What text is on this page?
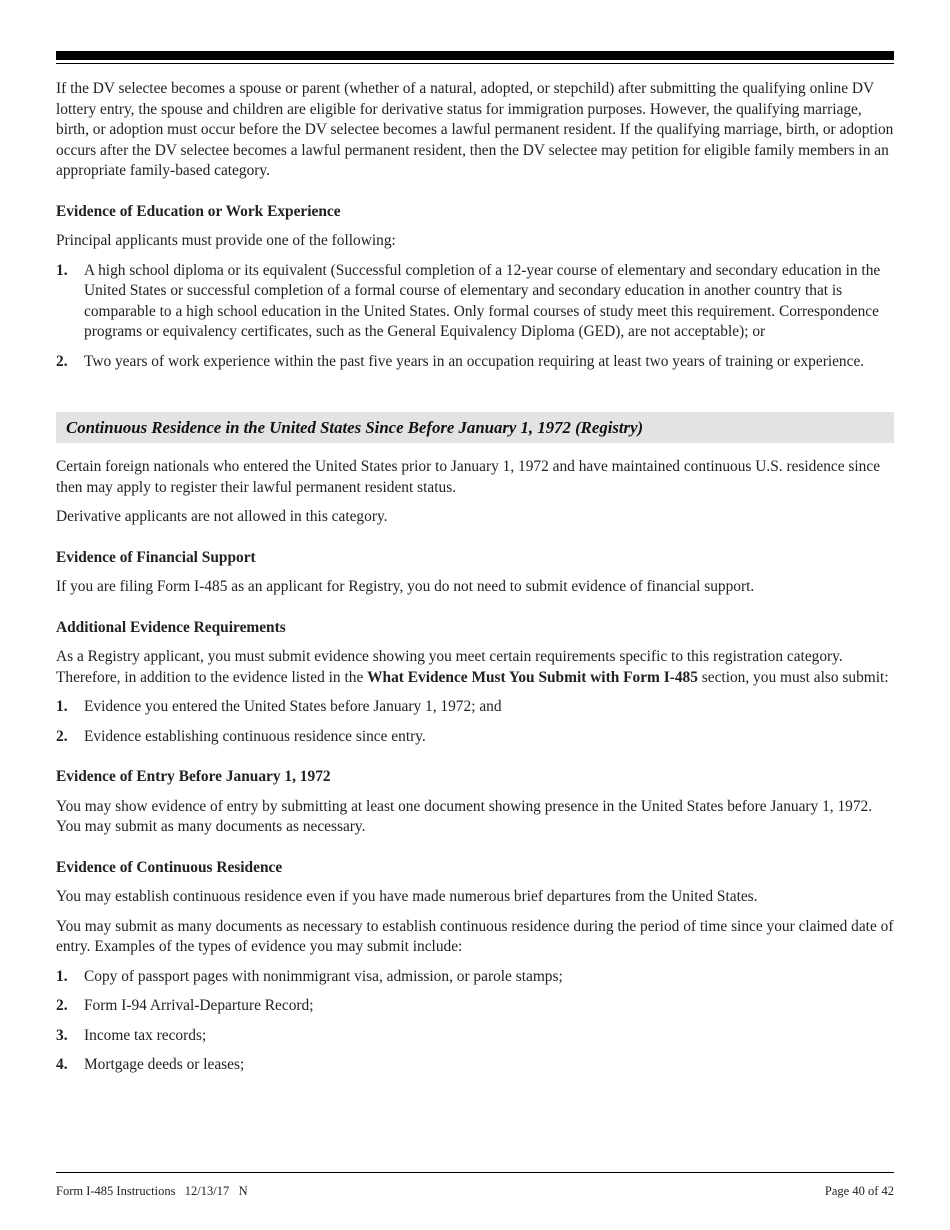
If the DV selectee becomes a spouse or parent (whether of a natural, adopted, or stepchild) after submitting the qualifying online DV lottery entry, the spouse and children are eligible for derivative status for immigration purposes. However, the qualifying marriage, birth, or adoption must occur before the DV selectee becomes a lawful permanent resident. If the qualifying marriage, birth, or adoption occurs after the DV selectee becomes a lawful permanent resident, then the DV selectee may petition for eligible family members in an appropriate family-based category.

Evidence of Education or Work Experience

Principal applicants must provide one of the following:

1. A high school diploma or its equivalent (Successful completion of a 12-year course of elementary and secondary education in the United States or successful completion of a formal course of elementary and secondary education in another country that is comparable to a high school education in the United States. Only formal courses of study meet this requirement. Correspondence programs or equivalency certificates, such as the General Equivalency Diploma (GED), are not acceptable); or
2. Two years of work experience within the past five years in an occupation requiring at least two years of training or experience.
Continuous Residence in the United States Since Before January 1, 1972 (Registry)

Certain foreign nationals who entered the United States prior to January 1, 1972 and have maintained continuous U.S. residence since then may apply to register their lawful permanent resident status.

Derivative applicants are not allowed in this category.

Evidence of Financial Support

If you are filing Form I-485 as an applicant for Registry, you do not need to submit evidence of financial support.

Additional Evidence Requirements

As a Registry applicant, you must submit evidence showing you meet certain requirements specific to this registration category. Therefore, in addition to the evidence listed in the What Evidence Must You Submit with Form I-485 section, you must also submit:

1. Evidence you entered the United States before January 1, 1972; and
2. Evidence establishing continuous residence since entry.

Evidence of Entry Before January 1, 1972

You may show evidence of entry by submitting at least one document showing presence in the United States before January 1, 1972. You may submit as many documents as necessary.

Evidence of Continuous Residence

You may establish continuous residence even if you have made numerous brief departures from the United States.

You may submit as many documents as necessary to establish continuous residence during the period of time since your claimed date of entry. Examples of the types of evidence you may submit include:

1. Copy of passport pages with nonimmigrant visa, admission, or parole stamps;
2. Form I-94 Arrival-Departure Record;
3. Income tax records;
4. Mortgage deeds or leases;
Form I-485 Instructions   12/13/17   N	Page 40 of 42
